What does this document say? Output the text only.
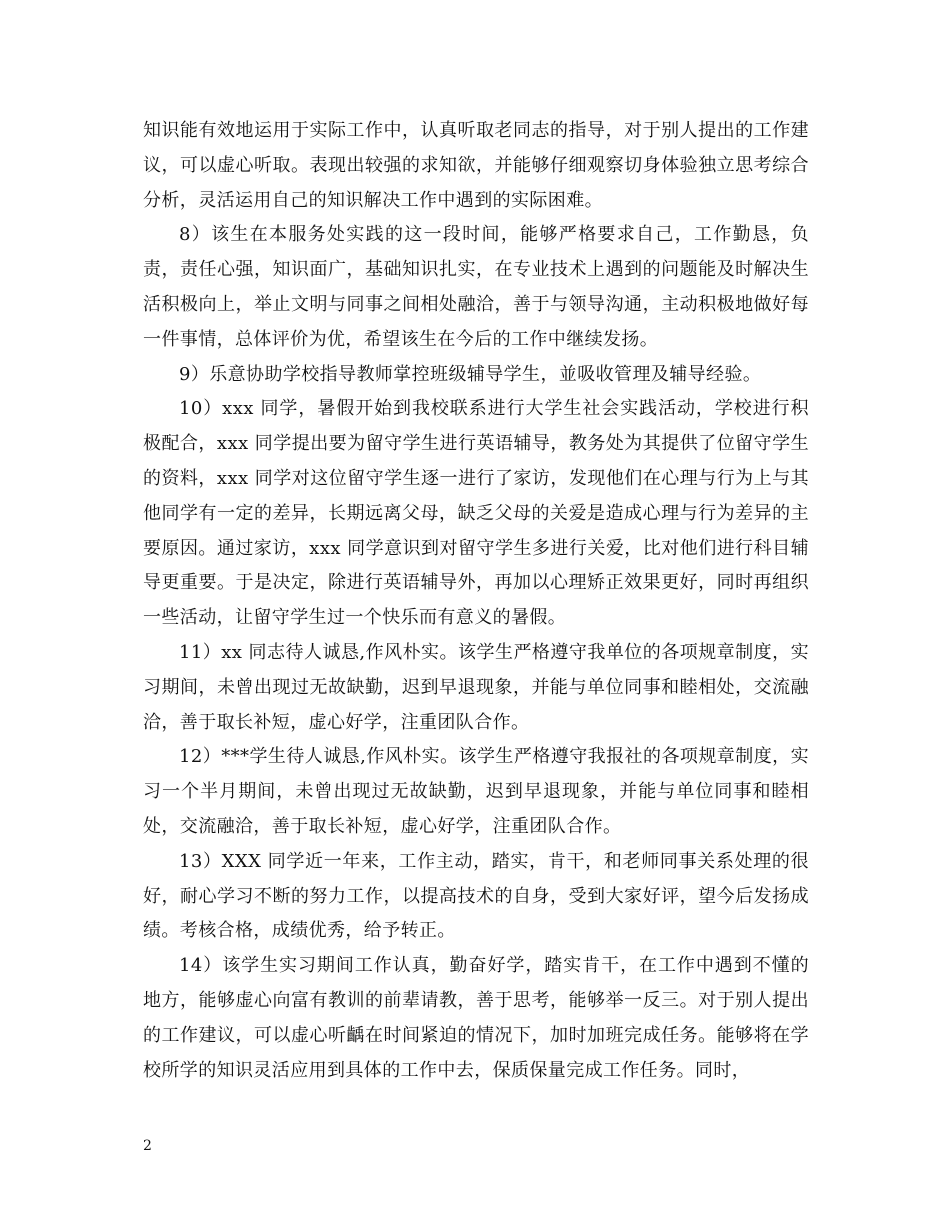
知识能有效地运用于实际工作中，认真听取老同志的指导，对于别人提出的工作建议，可以虚心听取。表现出较强的求知欲，并能够仔细观察切身体验独立思考综合分析，灵活运用自己的知识解决工作中遇到的实际困难。

8）该生在本服务处实践的这一段时间，能够严格要求自己，工作勤恳，负责，责任心强，知识面广，基础知识扎实，在专业技术上遇到的问题能及时解决生活积极向上，举止文明与同事之间相处融洽，善于与领导沟通，主动积极地做好每一件事情，总体评价为优，希望该生在今后的工作中继续发扬。

9）乐意协助学校指导教师掌控班级辅导学生，並吸收管理及辅导经验。

10）xxx 同学，暑假开始到我校联系进行大学生社会实践活动，学校进行积极配合，xxx 同学提出要为留守学生进行英语辅导，教务处为其提供了位留守学生的资料，xxx 同学对这位留守学生逐一进行了家访，发现他们在心理与行为上与其他同学有一定的差异，长期远离父母，缺乏父母的关爱是造成心理与行为差异的主要原因。通过家访，xxx 同学意识到对留守学生多进行关爱，比对他们进行科目辅导更重要。于是决定，除进行英语辅导外，再加以心理矫正效果更好，同时再组织一些活动，让留守学生过一个快乐而有意义的暑假。

11）xx 同志待人诚恳,作风朴实。该学生严格遵守我单位的各项规章制度，实习期间，未曾出现过无故缺勤，迟到早退现象，并能与单位同事和睦相处，交流融洽，善于取长补短，虚心好学，注重团队合作。

12）***学生待人诚恳,作风朴实。该学生严格遵守我报社的各项规章制度，实习一个半月期间，未曾出现过无故缺勤，迟到早退现象，并能与单位同事和睦相处，交流融洽，善于取长补短，虚心好学，注重团队合作。

13）XXX 同学近一年来，工作主动，踏实，肯干，和老师同事关系处理的很好，耐心学习不断的努力工作，以提高技术的自身，受到大家好评，望今后发扬成绩。考核合格，成绩优秀，给予转正。

14）该学生实习期间工作认真，勤奋好学，踏实肯干，在工作中遇到不懂的地方，能够虚心向富有教训的前辈请教，善于思考，能够举一反三。对于别人提出的工作建议，可以虚心听齲在时间紧迫的情况下，加时加班完成任务。能够将在学校所学的知识灵活应用到具体的工作中去，保质保量完成工作任务。同时，

2
